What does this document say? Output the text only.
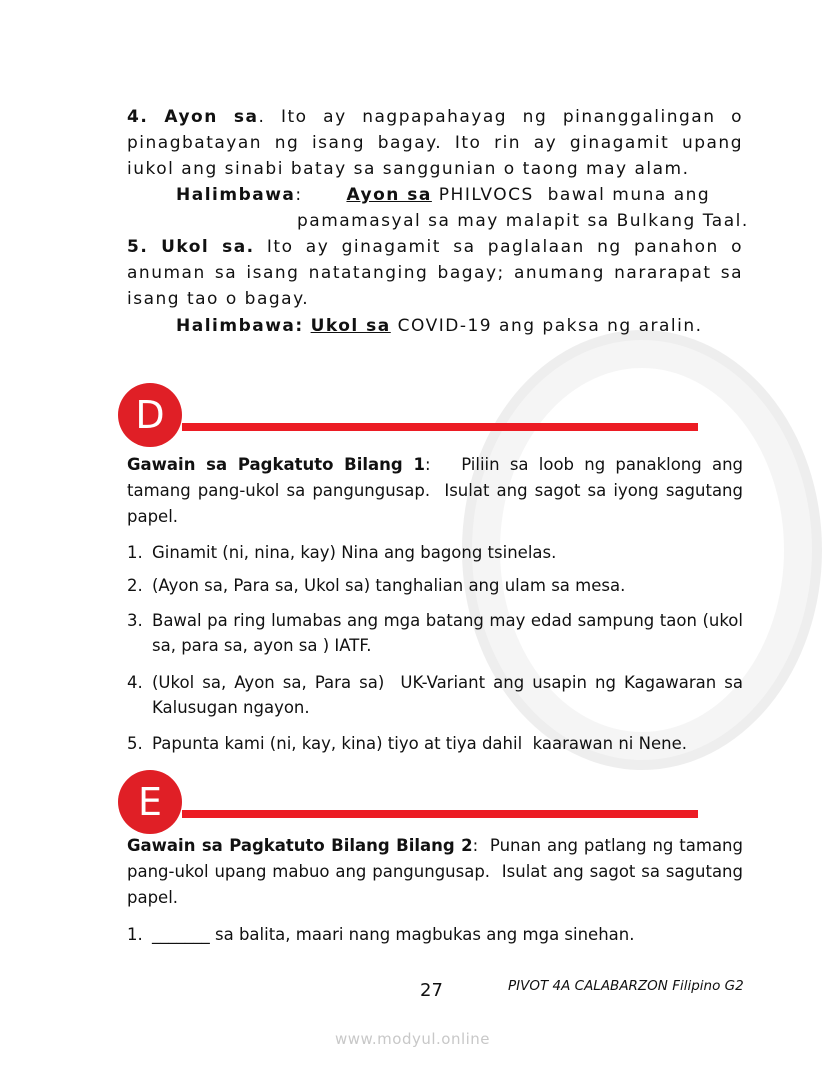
4. Ayon sa. Ito ay nagpapahayag ng pinanggalingan o pinagbatayan ng isang bagay. Ito rin ay ginagamit upang iukol ang sinabi batay sa sanggunian o taong may alam.
Halimbawa:	Ayon sa PHILVOCS  bawal muna ang
pamamasyal sa may malapit sa Bulkang Taal.
5. Ukol sa. Ito ay ginagamit sa paglalaan ng panahon o anuman sa isang natatanging bagay; anumang nararapat sa isang tao o bagay.
Halimbawa: Ukol sa COVID-19 ang paksa ng aralin.
D
Gawain sa Pagkatuto Bilang 1:   Piliin sa loob ng panaklong ang tamang pang-ukol sa pangungusap.  Isulat ang sagot sa iyong sagutang papel.
1. Ginamit (ni, nina, kay) Nina ang bagong tsinelas.
2. (Ayon sa, Para sa, Ukol sa) tanghalian ang ulam sa mesa.
3. Bawal pa ring lumabas ang mga batang may edad sampung taon (ukol sa, para sa, ayon sa ) IATF.
4. (Ukol sa, Ayon sa, Para sa)  UK-Variant ang usapin ng Kagawaran sa Kalusugan ngayon.
5. Papunta kami (ni, kay, kina) tiyo at tiya dahil  kaarawan ni Nene.
E
Gawain sa Pagkatuto Bilang Bilang 2:  Punan ang patlang ng tamang pang-ukol upang mabuo ang pangungusap.  Isulat ang sagot sa sagutang papel.
1. _______ sa balita, maari nang magbukas ang mga sinehan.
27	PIVOT 4A CALABARZON Filipino G2
www.modyul.online
